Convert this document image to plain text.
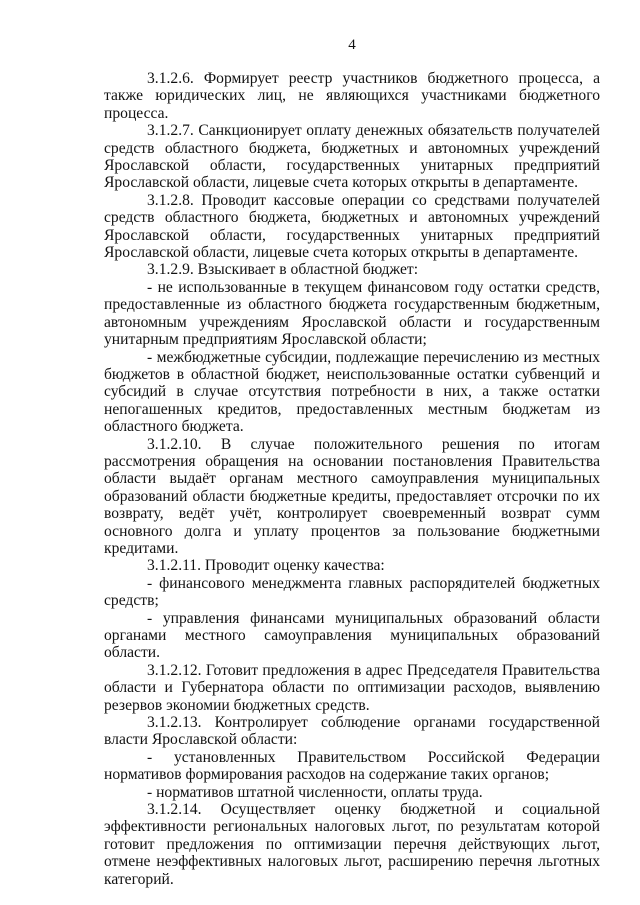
4

3.1.2.6. Формирует реестр участников бюджетного процесса, а также юридических лиц, не являющихся участниками бюджетного процесса.

3.1.2.7. Санкционирует оплату денежных обязательств получателей средств областного бюджета, бюджетных и автономных учреждений Ярославской области, государственных унитарных предприятий Ярославской области, лицевые счета которых открыты в департаменте.

3.1.2.8. Проводит кассовые операции со средствами получателей средств областного бюджета, бюджетных и автономных учреждений Ярославской области, государственных унитарных предприятий Ярославской области, лицевые счета которых открыты в департаменте.

3.1.2.9. Взыскивает в областной бюджет:

- не использованные в текущем финансовом году остатки средств, предоставленные из областного бюджета государственным бюджетным, автономным учреждениям Ярославской области и государственным унитарным предприятиям Ярославской области;

- межбюджетные субсидии, подлежащие перечислению из местных бюджетов в областной бюджет, неиспользованные остатки субвенций и субсидий в случае отсутствия потребности в них, а также остатки непогашенных кредитов, предоставленных местным бюджетам из областного бюджета.

3.1.2.10. В случае положительного решения по итогам рассмотрения обращения на основании постановления Правительства области выдаёт органам местного самоуправления муниципальных образований области бюджетные кредиты, предоставляет отсрочки по их возврату, ведёт учёт, контролирует своевременный возврат сумм основного долга и уплату процентов за пользование бюджетными кредитами.

3.1.2.11. Проводит оценку качества:

- финансового менеджмента главных распорядителей бюджетных средств;

- управления финансами муниципальных образований области органами местного самоуправления муниципальных образований области.

3.1.2.12. Готовит предложения в адрес Председателя Правительства области и Губернатора области по оптимизации расходов, выявлению резервов экономии бюджетных средств.

3.1.2.13. Контролирует соблюдение органами государственной власти Ярославской области:

- установленных Правительством Российской Федерации нормативов формирования расходов на содержание таких органов;

- нормативов штатной численности, оплаты труда.

3.1.2.14. Осуществляет оценку бюджетной и социальной эффективности региональных налоговых льгот, по результатам которой готовит предложения по оптимизации перечня действующих льгот, отмене неэффективных налоговых льгот, расширению перечня льготных категорий.
